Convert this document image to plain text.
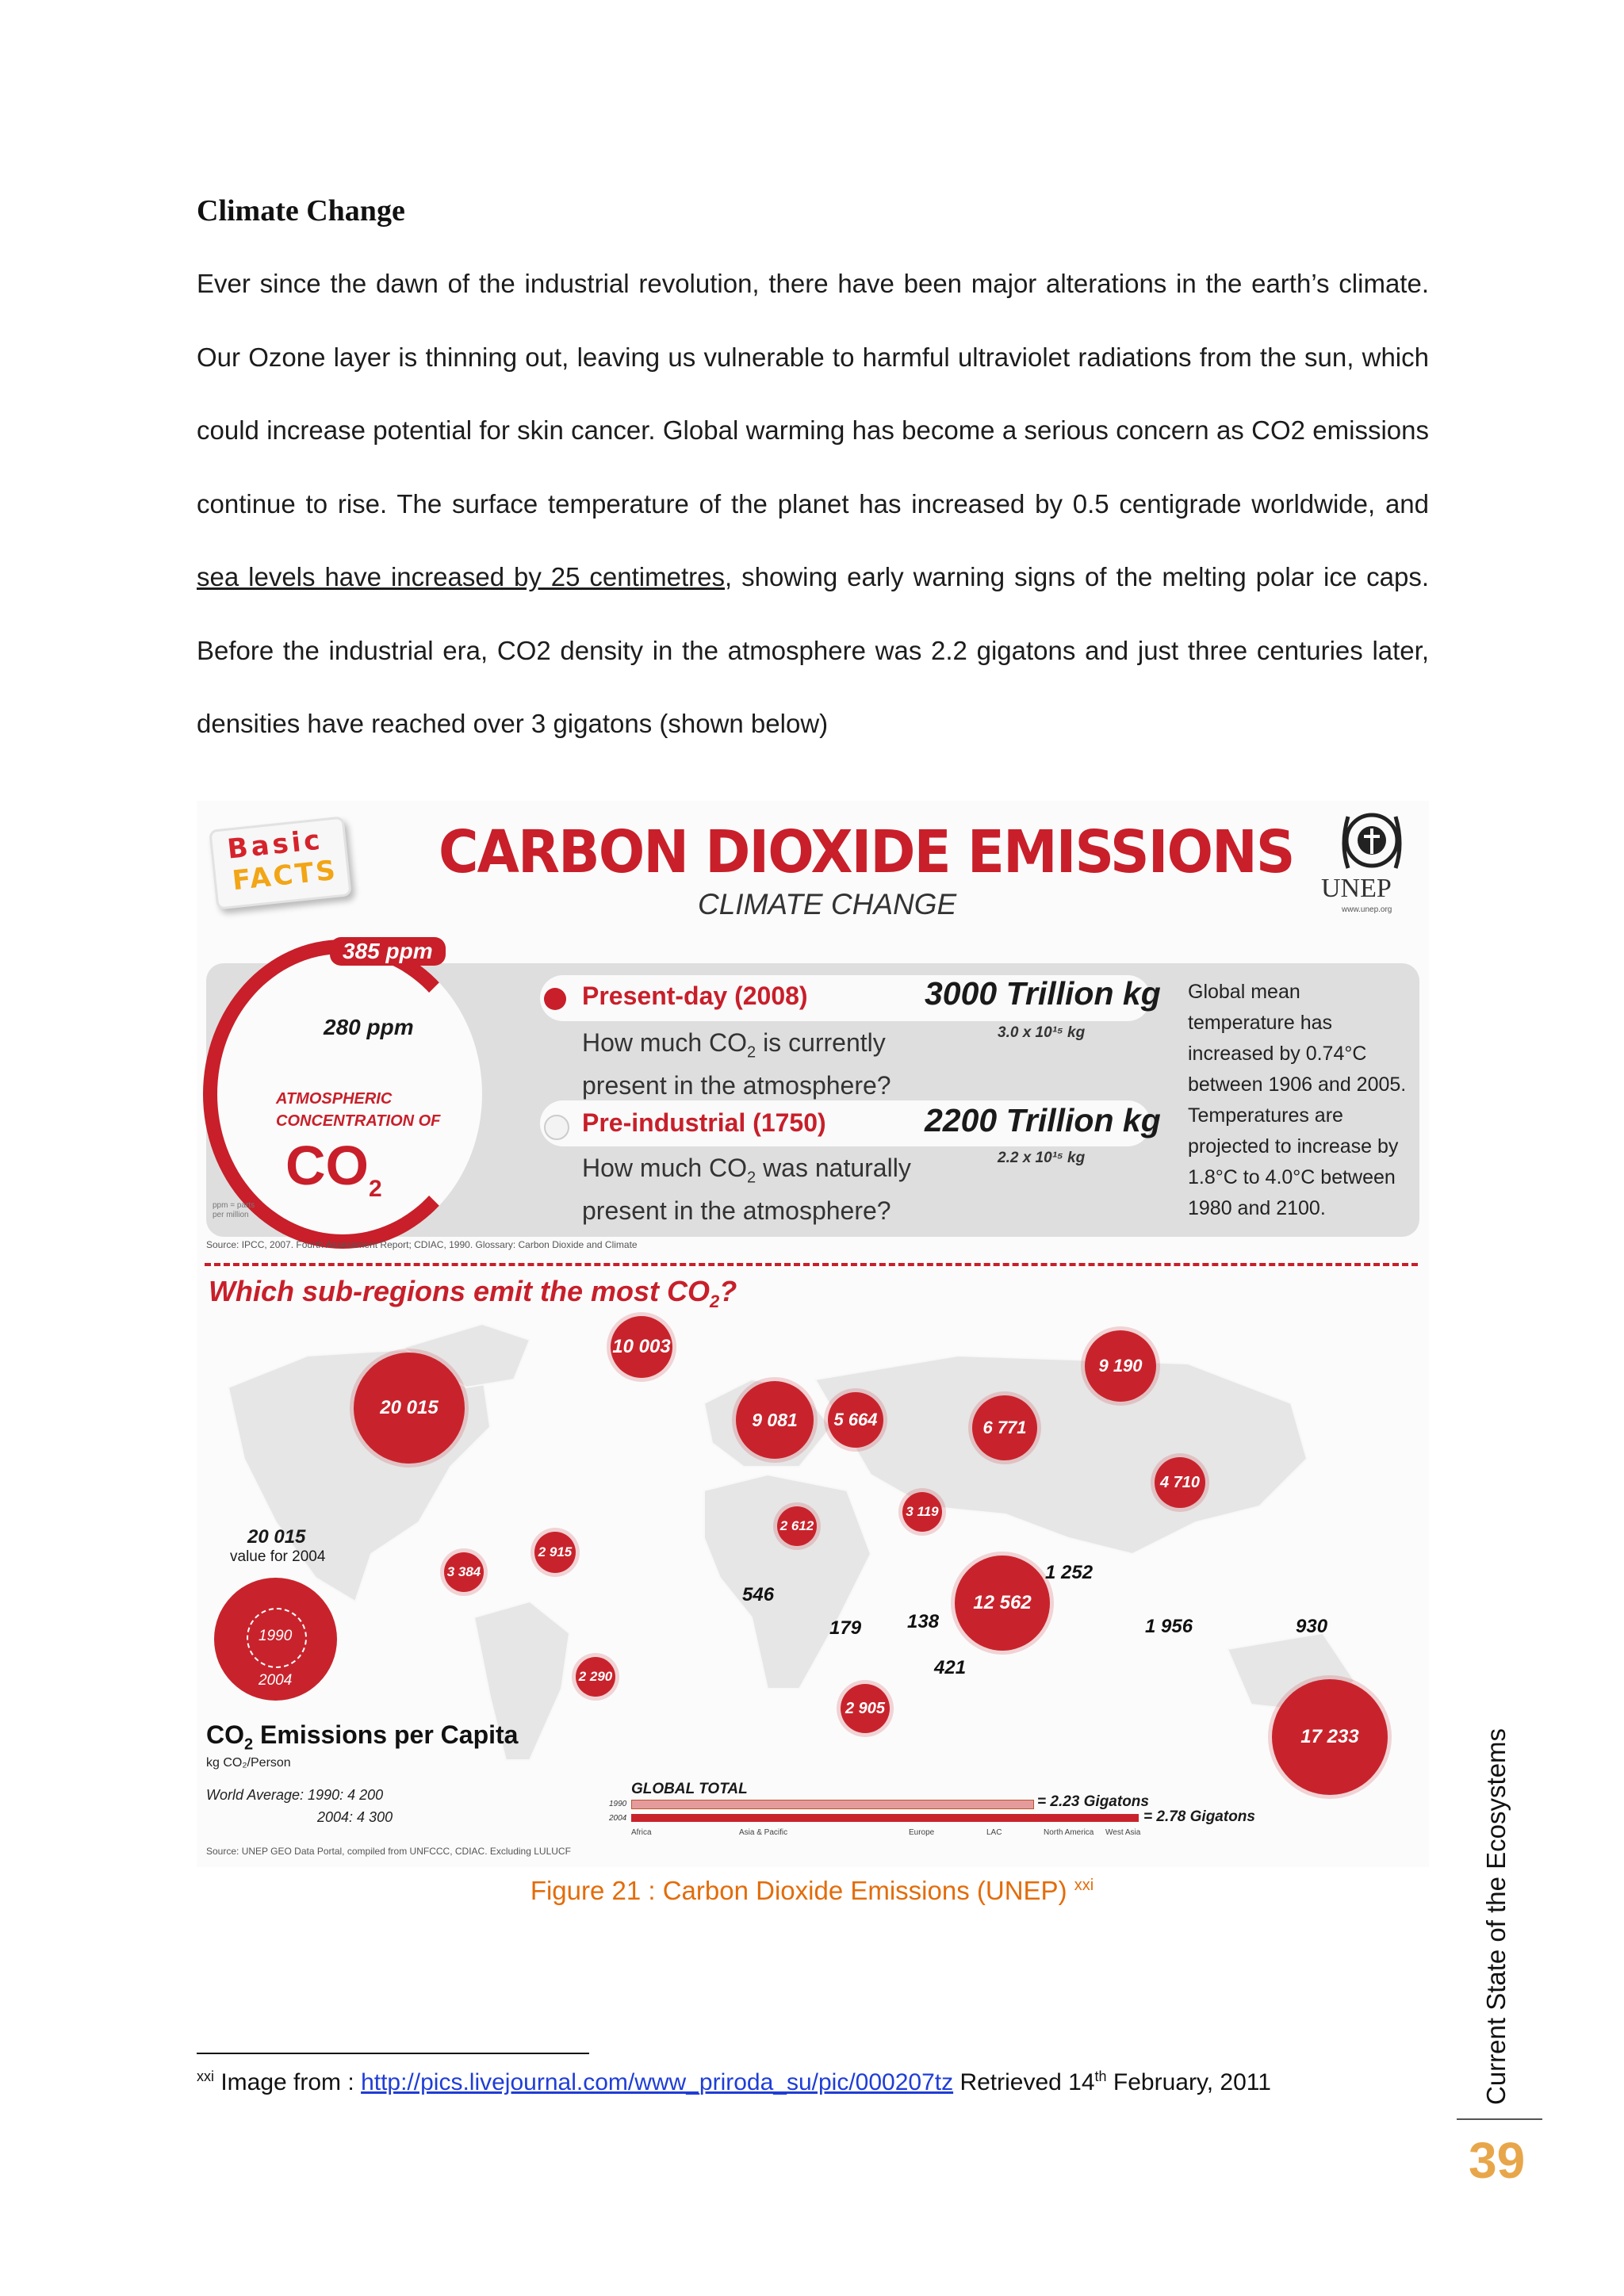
Climate Change
Ever since the dawn of the industrial revolution, there have been major alterations in the earth’s climate. Our Ozone layer is thinning out, leaving us vulnerable to harmful ultraviolet radiations from the sun, which could increase potential for skin cancer. Global warming has become a serious concern as CO2 emissions continue to rise. The surface temperature of the planet has increased by 0.5 centigrade worldwide, and sea levels have increased by 25 centimetres, showing early warning signs of the melting polar ice caps. Before the industrial era, CO2 density in the atmosphere was 2.2 gigatons and just three centuries later, densities have reached over 3 gigatons (shown below)
Basic
FACTS CARBON DIOXIDE EMISSIONS
CLIMATE CHANGE	UNEP
www.unep.org
385 ppm
280 ppm
ATMOSPHERIC
CONCENTRATION OF
$CO_2$
ppm = parts per million
Present-day (2008)
How much $CO_2$ is currently
present in the atmosphere?
3000 Trillion kg
3.0 x 10¹⁵ kg
Pre-industrial (1750)
How much $CO_2$ was naturally
present in the atmosphere?
2200 Trillion kg
2.2 x 10¹⁵ kg
Global mean temperature has increased by 0.74°C between 1906 and 2005. Temperatures are projected to increase by 1.8°C to 4.0°C between 1980 and 2100.
Source: IPCC, 2007. Fourth Assessment Report; CDIAC, 1990. Glossary: Carbon Dioxide and Climate
Which sub-regions emit the most $CO_2$?
20 015
10 003
9 081	5 664	6 771
9 190
4 710
2 612
3 119
2 915
3 384
12 562
2 290
2 905
17 233
546
179 138
421
1 252
1 956	930
20 015
value for 2004
1990
2004
$CO_2$ Emissions per Capita
kg CO₂/Person
World Average: 1990: 4 200
2004: 4 300
GLOBAL TOTAL
1990
2004
= 2.23 Gigatons
= 2.78 Gigatons
Africa	Asia & Pacific	Europe	LAC	North America West Asia
Source: UNEP GEO Data Portal, compiled from UNFCCC, CDIAC. Excluding LULUCF
Figure 21 : Carbon Dioxide Emissions (UNEP) $^{xxi}$
$^{xxi}$ Image from : http://pics.livejournal.com/www_priroda_su/pic/000207tz Retrieved 14th February, 2011	Current State of the Ecosystems
39
